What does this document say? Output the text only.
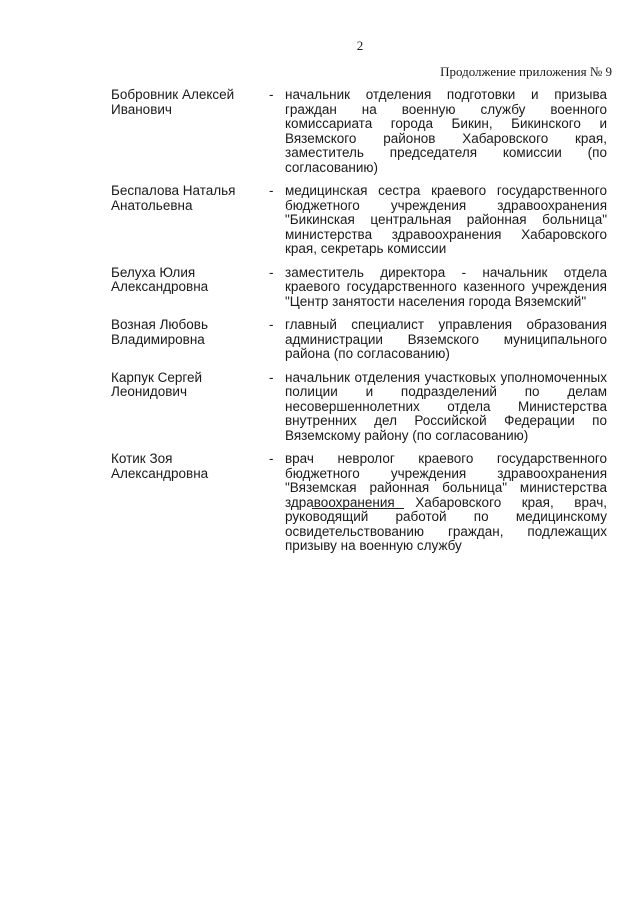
2
Продолжение приложения № 9
Бобровник Алексей
Иванович
- начальник отделения подготовки и призыва граждан на военную службу военного комиссариата города Бикин, Бикинского и Вяземского районов Хабаровского края, заместитель председателя комиссии (по согласованию)
Беспалова Наталья
Анатольевна
- медицинская сестра краевого государственного бюджетного учреждения здравоохранения "Бикинская центральная районная больница" министерства здравоохранения Хабаровского края, секретарь комиссии
Белуха Юлия
Александровна
- заместитель директора - начальник отдела краевого государственного казенного учреждения "Центр занятости населения города Вяземский"
Возная Любовь
Владимировна
- главный специалист управления образования администрации Вяземского муниципального района (по согласованию)
Карпук Сергей
Леонидович
- начальник отделения участковых уполномоченных полиции и подразделений по делам несовершеннолетних отдела Министерства внутренних дел Российской Федерации по Вяземскому району (по согласованию)
Котик Зоя
Александровна
- врач невролог краевого государственного бюджетного учреждения здравоохранения "Вяземская районная больница" министерства здравоохранения Хабаровского края, врач, руководящий работой по медицинскому освидетельствованию граждан, подлежащих призыву на военную службу
